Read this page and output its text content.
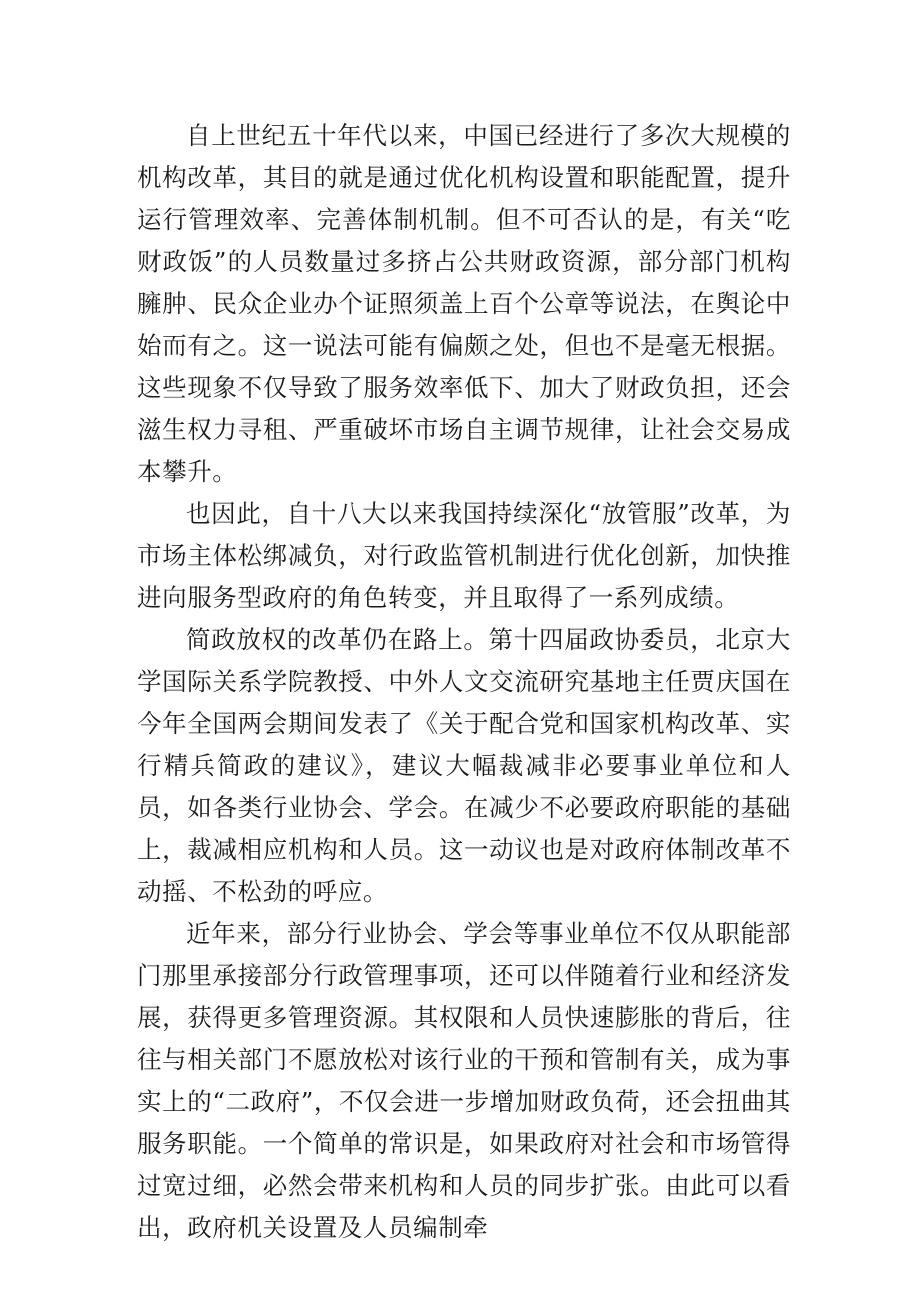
自上世纪五十年代以来，中国已经进行了多次大规模的机构改革，其目的就是通过优化机构设置和职能配置，提升运行管理效率、完善体制机制。但不可否认的是，有关“吃财政饭”的人员数量过多挤占公共财政资源，部分部门机构臃肿、民众企业办个证照须盖上百个公章等说法，在舆论中始而有之。这一说法可能有偏颇之处，但也不是毫无根据。这些现象不仅导致了服务效率低下、加大了财政负担，还会滋生权力寻租、严重破坏市场自主调节规律，让社会交易成本攀升。

也因此，自十八大以来我国持续深化“放管服”改革，为市场主体松绑减负，对行政监管机制进行优化创新，加快推进向服务型政府的角色转变，并且取得了一系列成绩。

简政放权的改革仍在路上。第十四届政协委员，北京大学国际关系学院教授、中外人文交流研究基地主任贾庆国在今年全国两会期间发表了《关于配合党和国家机构改革、实行精兵简政的建议》，建议大幅裁减非必要事业单位和人员，如各类行业协会、学会。在减少不必要政府职能的基础上，裁减相应机构和人员。这一动议也是对政府体制改革不动摇、不松劲的呼应。

近年来，部分行业协会、学会等事业单位不仅从职能部门那里承接部分行政管理事项，还可以伴随着行业和经济发展，获得更多管理资源。其权限和人员快速膨胀的背后，往往与相关部门不愿放松对该行业的干预和管制有关，成为事实上的“二政府”，不仅会进一步增加财政负荷，还会扭曲其服务职能。一个简单的常识是，如果政府对社会和市场管得过宽过细，必然会带来机构和人员的同步扩张。由此可以看出，政府机关设置及人员编制牵
